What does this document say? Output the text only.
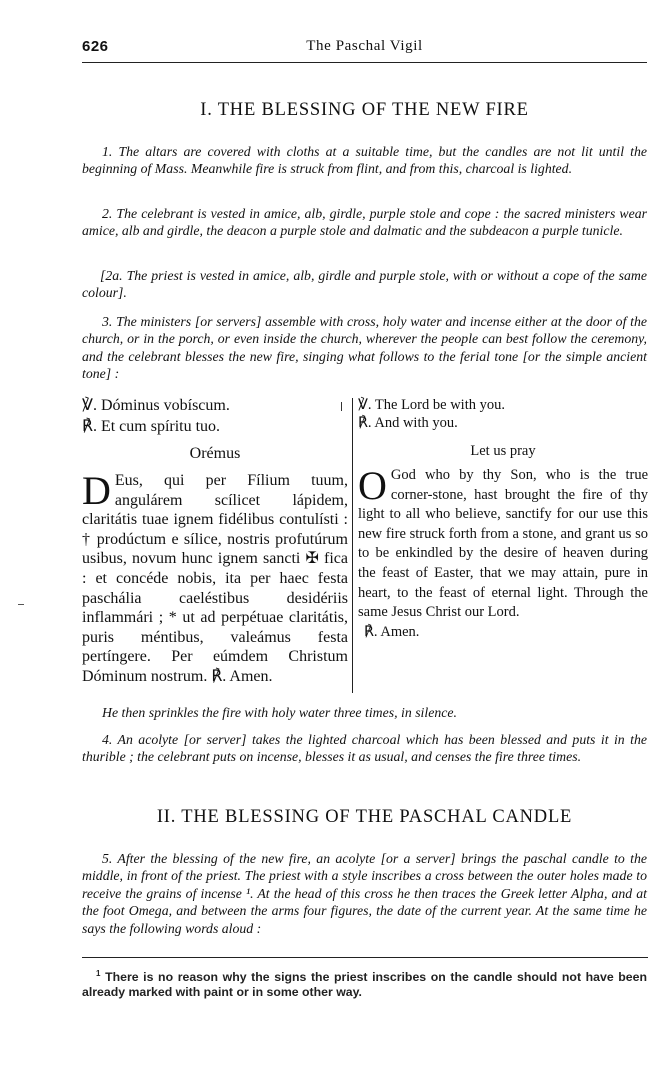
626	The Paschal Vigil
I. THE BLESSING OF THE NEW FIRE

1. The altars are covered with cloths at a suitable time, but the candles are not lit until the beginning of Mass. Meanwhile fire is struck from flint, and from this, charcoal is lighted.

2. The celebrant is vested in amice, alb, girdle, purple stole and cope : the sacred ministers wear amice, alb and girdle, the deacon a purple stole and dalmatic and the subdeacon a purple tunicle.

[2a. The priest is vested in amice, alb, girdle and purple stole, with or without a cope of the same colour].

3. The ministers [or servers] assemble with cross, holy water and incense either at the door of the church, or in the porch, or even inside the church, wherever the people can best follow the ceremony, and the celebrant blesses the new fire, singing what follows to the ferial tone [or the simple ancient tone] :

℣. Dóminus vobíscum.

℟. Et cum spíritu tuo.

Orémus

D Eus, qui per Fílium tuum, angulárem scílicet lápidem, claritátis tuae ignem fidélibus contulísti : † prodúctum e sílice, nostris profutúrum usibus, novum hunc ignem sancti ✠ fica : et concéde nobis, ita per haec festa paschália caeléstibus desidériis inflammári ; * ut ad perpétuae claritátis, puris méntibus, valeámus festa pertíngere. Per eúmdem Christum Dóminum nostrum. ℟. Amen.

℣. The Lord be with you.

℟. And with you.

Let us pray

O God who by thy Son, who is the true corner-stone, hast brought the fire of thy light to all who believe, sanctify for our use this new fire struck forth from a stone, and grant us so to be enkindled by the desire of heaven during the feast of Easter, that we may attain, pure in heart, to the feast of eternal light. Through the same Jesus Christ our Lord.

℟. Amen.

He then sprinkles the fire with holy water three times, in silence.

4. An acolyte [or server] takes the lighted charcoal which has been blessed and puts it in the thurible ; the celebrant puts on incense, blesses it as usual, and censes the fire three times.

II. THE BLESSING OF THE PASCHAL CANDLE

5. After the blessing of the new fire, an acolyte [or a server] brings the paschal candle to the middle, in front of the priest. The priest with a style inscribes a cross between the outer holes made to receive the grains of incense ¹. At the head of this cross he then traces the Greek letter Alpha, and at the foot Omega, and between the arms four figures, the date of the current year. At the same time he says the following words aloud :

$^1$ There is no reason why the signs the priest inscribes on the candle should not have been already marked with paint or in some other way.
